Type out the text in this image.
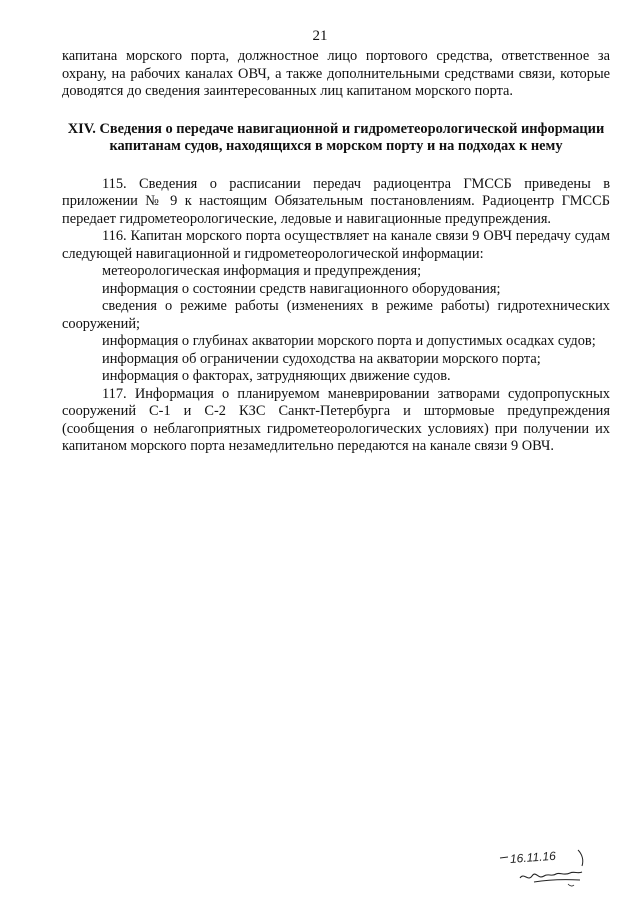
21

капитана морского порта, должностное лицо портового средства, ответственное за охрану, на рабочих каналах ОВЧ, а также дополнительными средствами связи, которые доводятся до сведения заинтересованных лиц капитаном морского порта.

XIV. Сведения о передаче навигационной и гидрометеорологической информации капитанам судов, находящихся в морском порту и на подходах к нему

115. Сведения о расписании передач радиоцентра ГМССБ приведены в приложении № 9 к настоящим Обязательным постановлениям. Радиоцентр ГМССБ передает гидрометеорологические, ледовые и навигационные предупреждения.

116. Капитан морского порта осуществляет на канале связи 9 ОВЧ передачу судам следующей навигационной и гидрометеорологической информации:

метеорологическая информация и предупреждения;

информация о состоянии средств навигационного оборудования;

сведения о режиме работы (изменениях в режиме работы) гидротехнических сооружений;

информация о глубинах акватории морского порта и допустимых осадках судов;

информация об ограничении судоходства на акватории морского порта;

информация о факторах, затрудняющих движение судов.

117. Информация о планируемом маневрировании затворами судопропускных сооружений С-1 и С-2 КЗС Санкт-Петербурга и штормовые предупреждения (сообщения о неблагоприятных гидрометеорологических условиях) при получении их капитаном морского порта незамедлительно передаются на канале связи 9 ОВЧ.

16.11.16
